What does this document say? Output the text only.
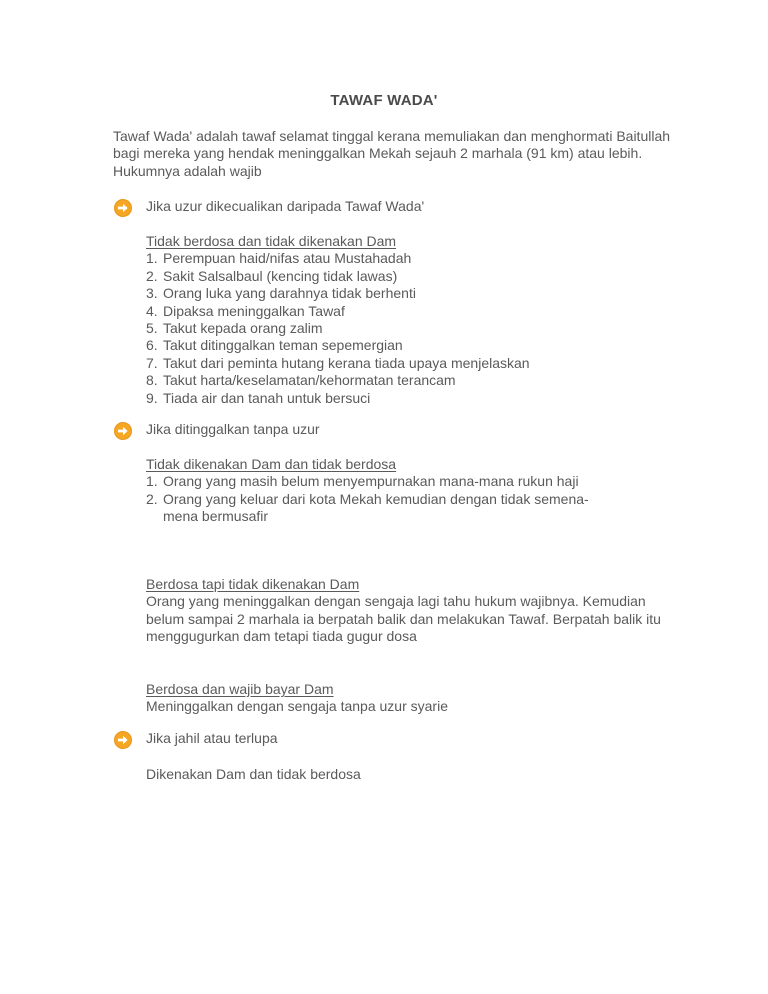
TAWAF WADA'
Tawaf Wada' adalah tawaf selamat tinggal kerana memuliakan dan menghormati Baitullah bagi mereka yang hendak meninggalkan Mekah sejauh 2 marhala (91 km) atau lebih. Hukumnya adalah wajib
Jika uzur dikecualikan daripada Tawaf Wada'
Tidak berdosa dan tidak dikenakan Dam
1. Perempuan haid/nifas atau Mustahadah
2. Sakit Salsalbaul (kencing tidak lawas)
3. Orang luka yang darahnya tidak berhenti
4. Dipaksa meninggalkan Tawaf
5. Takut kepada orang zalim
6. Takut ditinggalkan teman sepemergian
7. Takut dari peminta hutang kerana tiada upaya menjelaskan
8. Takut harta/keselamatan/kehormatan terancam
9. Tiada air dan tanah untuk bersuci
Jika ditinggalkan tanpa uzur
Tidak dikenakan Dam dan tidak berdosa
1. Orang yang masih belum menyempurnakan mana-mana rukun haji
2. Orang yang keluar dari kota Mekah kemudian dengan tidak semena-mena bermusafir
Berdosa tapi tidak dikenakan Dam

Orang yang meninggalkan dengan sengaja lagi tahu hukum wajibnya. Kemudian belum sampai 2 marhala ia berpatah balik dan melakukan Tawaf. Berpatah balik itu menggugurkan dam tetapi tiada gugur dosa

Berdosa dan wajib bayar Dam

Meninggalkan dengan sengaja tanpa uzur syarie

Jika jahil atau terlupa
Dikenakan Dam dan tidak berdosa
